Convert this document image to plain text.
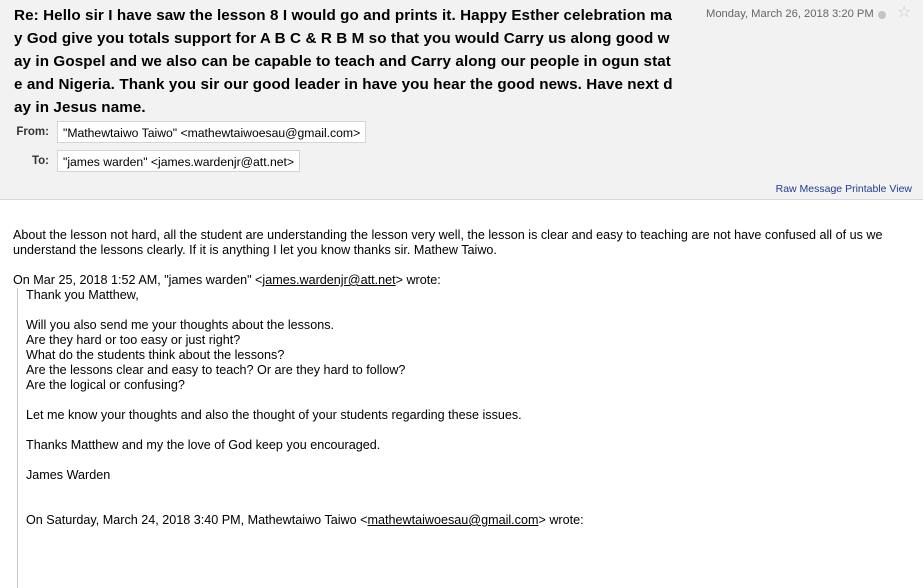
Re: Hello sir I have saw the lesson 8 I would go and prints it. Happy Esther celebration may God give you totals support for A B C & R B M so that you would Carry us along good way in Gospel and we also can be capable to teach and Carry along our people in ogun state and Nigeria. Thank you sir our good leader in have you hear the good news. Have next day in Jesus name.
Monday, March 26, 2018 3:20 PM ☆
From:	"Mathewtaiwo Taiwo" <mathewtaiwoesau@gmail.com>
To:	"james warden" <james.wardenjr@att.net>
Raw Message Printable View

About the lesson not hard, all the student are understanding the lesson very well, the lesson is clear and easy to teaching are not have confused all of us we understand the lessons clearly. If it is anything I let you know thanks sir. Mathew Taiwo.

On Mar 25, 2018 1:52 AM, "james warden" <james.wardenjr@att.net> wrote:
Thank you Matthew,
Will you also send me your thoughts about the lessons.
Are they hard or too easy or just right?
What do the students think about the lessons?
Are the lessons clear and easy to teach? Or are they hard to follow?
Are the logical or confusing?
Let me know your thoughts and also the thought of your students regarding these issues.
Thanks Matthew and my the love of God keep you encouraged.
James Warden
On Saturday, March 24, 2018 3:40 PM, Mathewtaiwo Taiwo <mathewtaiwoesau@gmail.com> wrote:
